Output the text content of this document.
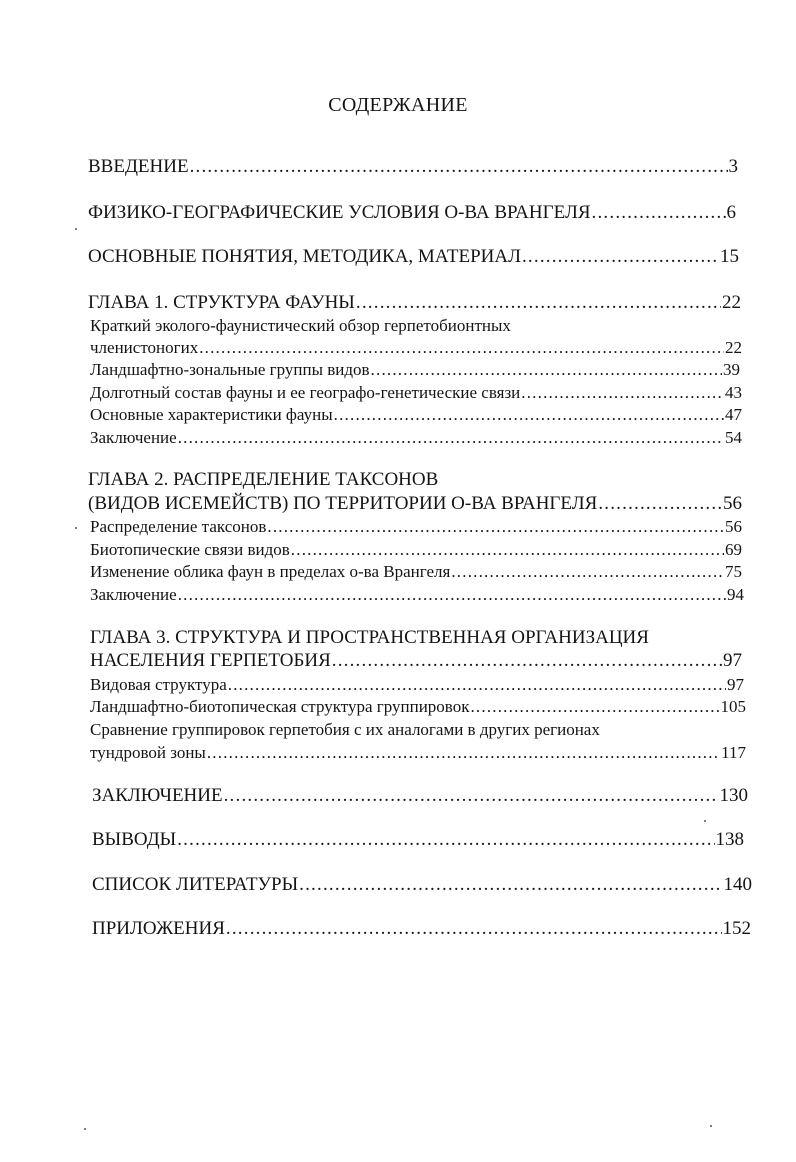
СОДЕРЖАНИЕ
ВВЕДЕНИЕ .....	3
ФИЗИКО-ГЕОГРАФИЧЕСКИЕ УСЛОВИЯ О-ВА ВРАНГЕЛЯ .....	6
ОСНОВНЫЕ ПОНЯТИЯ, МЕТОДИКА, МАТЕРИАЛ .....	15
ГЛАВА 1. СТРУКТУРА ФАУНЫ .....	22
Краткий эколого-фаунистический обзор герпетобионтных
членистоногих .....	22
Ландшафтно-зональные группы видов .....	39
Долготный состав фауны и ее географо-генетические связи .....	43
Основные характеристики фауны .....	47
Заключение .....	54
ГЛАВА 2. РАСПРЕДЕЛЕНИЕ ТАКСОНОВ
(ВИДОВ ИСЕМЕЙСТВ) ПО ТЕРРИТОРИИ О-ВА ВРАНГЕЛЯ .....	56
Распределение таксонов .....	56
Биотопические связи видов .....	69
Изменение облика фаун в пределах о-ва Врангеля .....	75
Заключение .....	94
ГЛАВА 3. СТРУКТУРА И ПРОСТРАНСТВЕННАЯ ОРГАНИЗАЦИЯ
НАСЕЛЕНИЯ ГЕРПЕТОБИЯ .....	97
Видовая структура .....	97
Ландшафтно-биотопическая структура группировок .....	105
Сравнение группировок герпетобия с их аналогами в других регионах
тундровой зоны .....	117
ЗАКЛЮЧЕНИЕ .....	130
ВЫВОДЫ .....	138
СПИСОК ЛИТЕРАТУРЫ .....	140
ПРИЛОЖЕНИЯ .....	152
